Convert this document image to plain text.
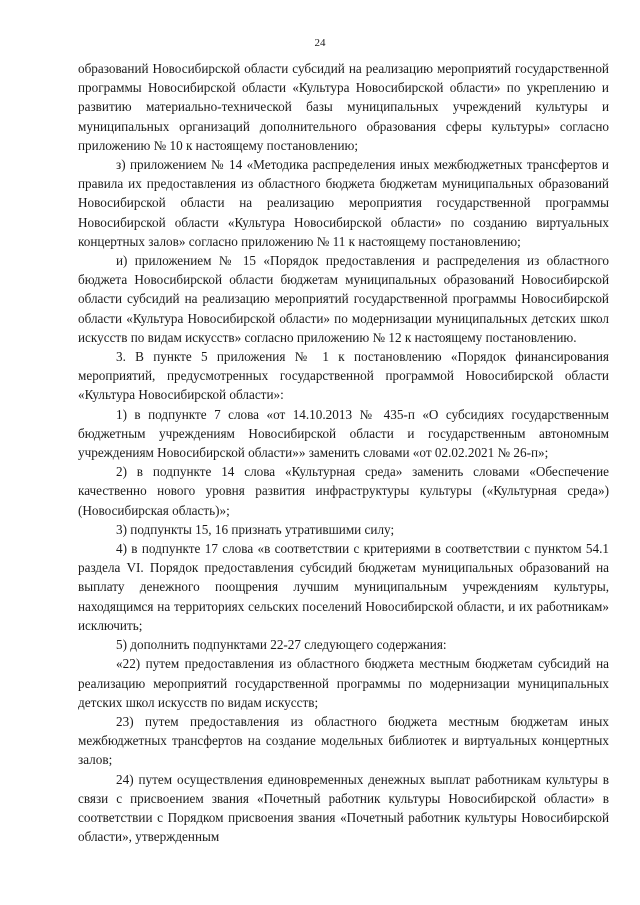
24

образований Новосибирской области субсидий на реализацию мероприятий государственной программы Новосибирской области «Культура Новосибирской области» по укреплению и развитию материально-технической базы муниципальных учреждений культуры и муниципальных организаций дополнительного образования сферы культуры» согласно приложению № 10 к настоящему постановлению;

з) приложением № 14 «Методика распределения иных межбюджетных трансфертов и правила их предоставления из областного бюджета бюджетам муниципальных образований Новосибирской области на реализацию мероприятия государственной программы Новосибирской области «Культура Новосибирской области» по созданию виртуальных концертных залов» согласно приложению № 11 к настоящему постановлению;

и) приложением № 15 «Порядок предоставления и распределения из областного бюджета Новосибирской области бюджетам муниципальных образований Новосибирской области субсидий на реализацию мероприятий государственной программы Новосибирской области «Культура Новосибирской области» по модернизации муниципальных детских школ искусств по видам искусств» согласно приложению № 12 к настоящему постановлению.

3. В пункте 5 приложения № 1 к постановлению «Порядок финансирования мероприятий, предусмотренных государственной программой Новосибирской области «Культура Новосибирской области»:

1) в подпункте 7 слова «от 14.10.2013 № 435-п «О субсидиях государственным бюджетным учреждениям Новосибирской области и государственным автономным учреждениям Новосибирской области»» заменить словами «от 02.02.2021 № 26-п»;

2) в подпункте 14 слова «Культурная среда» заменить словами «Обеспечение качественно нового уровня развития инфраструктуры культуры («Культурная среда») (Новосибирская область)»;

3) подпункты 15, 16 признать утратившими силу;

4) в подпункте 17 слова «в соответствии с критериями в соответствии с пунктом 54.1 раздела VI. Порядок предоставления субсидий бюджетам муниципальных образований на выплату денежного поощрения лучшим муниципальным учреждениям культуры, находящимся на территориях сельских поселений Новосибирской области, и их работникам» исключить;

5) дополнить подпунктами 22-27 следующего содержания:

«22) путем предоставления из областного бюджета местным бюджетам субсидий на реализацию мероприятий государственной программы по модернизации муниципальных детских школ искусств по видам искусств;

23) путем предоставления из областного бюджета местным бюджетам иных межбюджетных трансфертов на создание модельных библиотек и виртуальных концертных залов;

24) путем осуществления единовременных денежных выплат работникам культуры в связи с присвоением звания «Почетный работник культуры Новосибирской области» в соответствии с Порядком присвоения звания «Почетный работник культуры Новосибирской области», утвержденным
